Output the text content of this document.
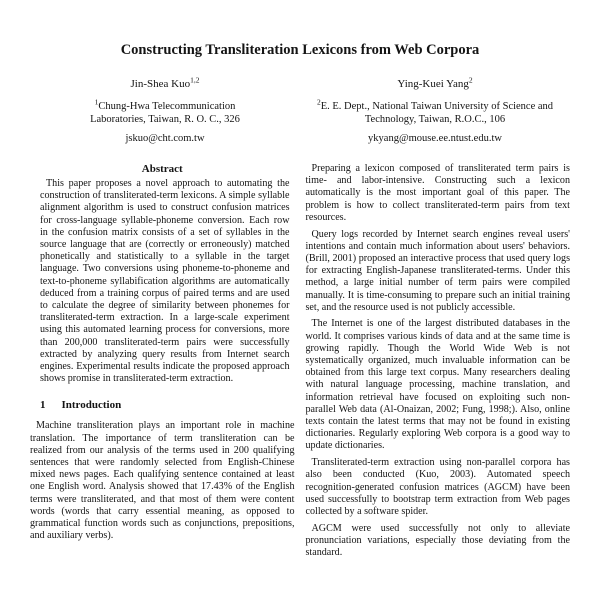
Constructing Transliteration Lexicons from Web Corpora
Jin-Shea Kuo$^{1,2}$
$^1$Chung-Hwa Telecommunication Laboratories, Taiwan, R. O. C., 326
jskuo@cht.com.tw
Ying-Kuei Yang$^2$
$^2$E. E. Dept., National Taiwan University of Science and Technology, Taiwan, R.O.C., 106
ykyang@mouse.ee.ntust.edu.tw
Abstract

This paper proposes a novel approach to automating the construction of transliterated-term lexicons. A simple syllable alignment algorithm is used to construct confusion matrices for cross-language syllable-phoneme conversion. Each row in the confusion matrix consists of a set of syllables in the source language that are (correctly or erroneously) matched phonetically and statistically to a syllable in the target language. Two conversions using phoneme-to-phoneme and text-to-phoneme syllabification algorithms are automatically deduced from a training corpus of paired terms and are used to calculate the degree of similarity between phonemes for transliterated-term extraction. In a large-scale experiment using this automated learning process for conversions, more than 200,000 transliterated-term pairs were successfully extracted by analyzing query results from Internet search engines. Experimental results indicate the proposed approach shows promise in transliterated-term extraction.

1 Introduction

Machine transliteration plays an important role in machine translation. The importance of term transliteration can be realized from our analysis of the terms used in 200 qualifying sentences that were randomly selected from English-Chinese mixed news pages. Each qualifying sentence contained at least one English word. Analysis showed that 17.43% of the English terms were transliterated, and that most of them were content words (words that carry essential meaning, as opposed to grammatical function words such as conjunctions, prepositions, and auxiliary verbs).

Preparing a lexicon composed of transliterated term pairs is time- and labor-intensive. Constructing such a lexicon automatically is the most important goal of this paper. The problem is how to collect transliterated-term pairs from text resources.

Query logs recorded by Internet search engines reveal users' intentions and contain much information about users' behaviors. (Brill, 2001) proposed an interactive process that used query logs for extracting English-Japanese transliterated-terms. Under this method, a large initial number of term pairs were compiled manually. It is time-consuming to prepare such an initial training set, and the resource used is not publicly accessible.

The Internet is one of the largest distributed databases in the world. It comprises various kinds of data and at the same time is growing rapidly. Though the World Wide Web is not systematically organized, much invaluable information can be obtained from this large text corpus. Many researchers dealing with natural language processing, machine translation, and information retrieval have focused on exploiting such non-parallel Web data (Al-Onaizan, 2002; Fung, 1998;). Also, online texts contain the latest terms that may not be found in existing dictionaries. Regularly exploring Web corpora is a good way to update dictionaries.

Transliterated-term extraction using non-parallel corpora has also been conducted (Kuo, 2003). Automated speech recognition-generated confusion matrices (AGCM) have been used successfully to bootstrap term extraction from Web pages collected by a software spider.

AGCM were used successfully not only to alleviate pronunciation variations, especially those deviating from the standard.
